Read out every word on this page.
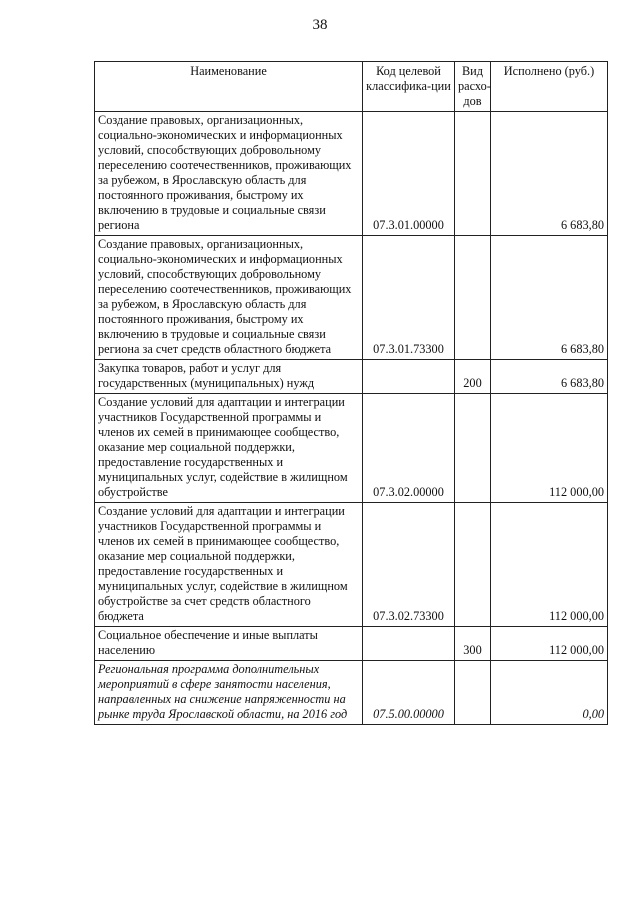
38
Наименование	Код целевой классифика-ции	Вид расхо-дов	Исполнено (руб.)
Создание правовых, организационных, социально-экономических и информационных условий, способствующих добровольному переселению соотечественников, проживающих за рубежом, в Ярославскую область для постоянного проживания, быстрому их включению в трудовые и социальные связи региона	07.3.01.00000		6 683,80
Создание правовых, организационных, социально-экономических и информационных условий, способствующих добровольному переселению соотечественников, проживающих за рубежом, в Ярославскую область для постоянного проживания, быстрому их включению в трудовые и социальные связи региона за счет средств областного бюджета	07.3.01.73300		6 683,80
Закупка товаров, работ и услуг для государственных (муниципальных) нужд		200	6 683,80
Создание условий для адаптации и интеграции участников Государственной программы и членов их семей в принимающее сообщество, оказание мер социальной поддержки, предоставление государственных и муниципальных услуг, содействие в жилищном обустройстве	07.3.02.00000		112 000,00
Создание условий для адаптации и интеграции участников Государственной программы и членов их семей в принимающее сообщество, оказание мер социальной поддержки, предоставление государственных и муниципальных услуг, содействие в жилищном обустройстве за счет средств областного бюджета	07.3.02.73300		112 000,00
Социальное обеспечение и иные выплаты населению		300	112 000,00
Региональная программа дополнительных мероприятий в сфере занятости населения, направленных на снижение напряженности на рынке труда Ярославской области, на 2016 год	07.5.00.00000		0,00
